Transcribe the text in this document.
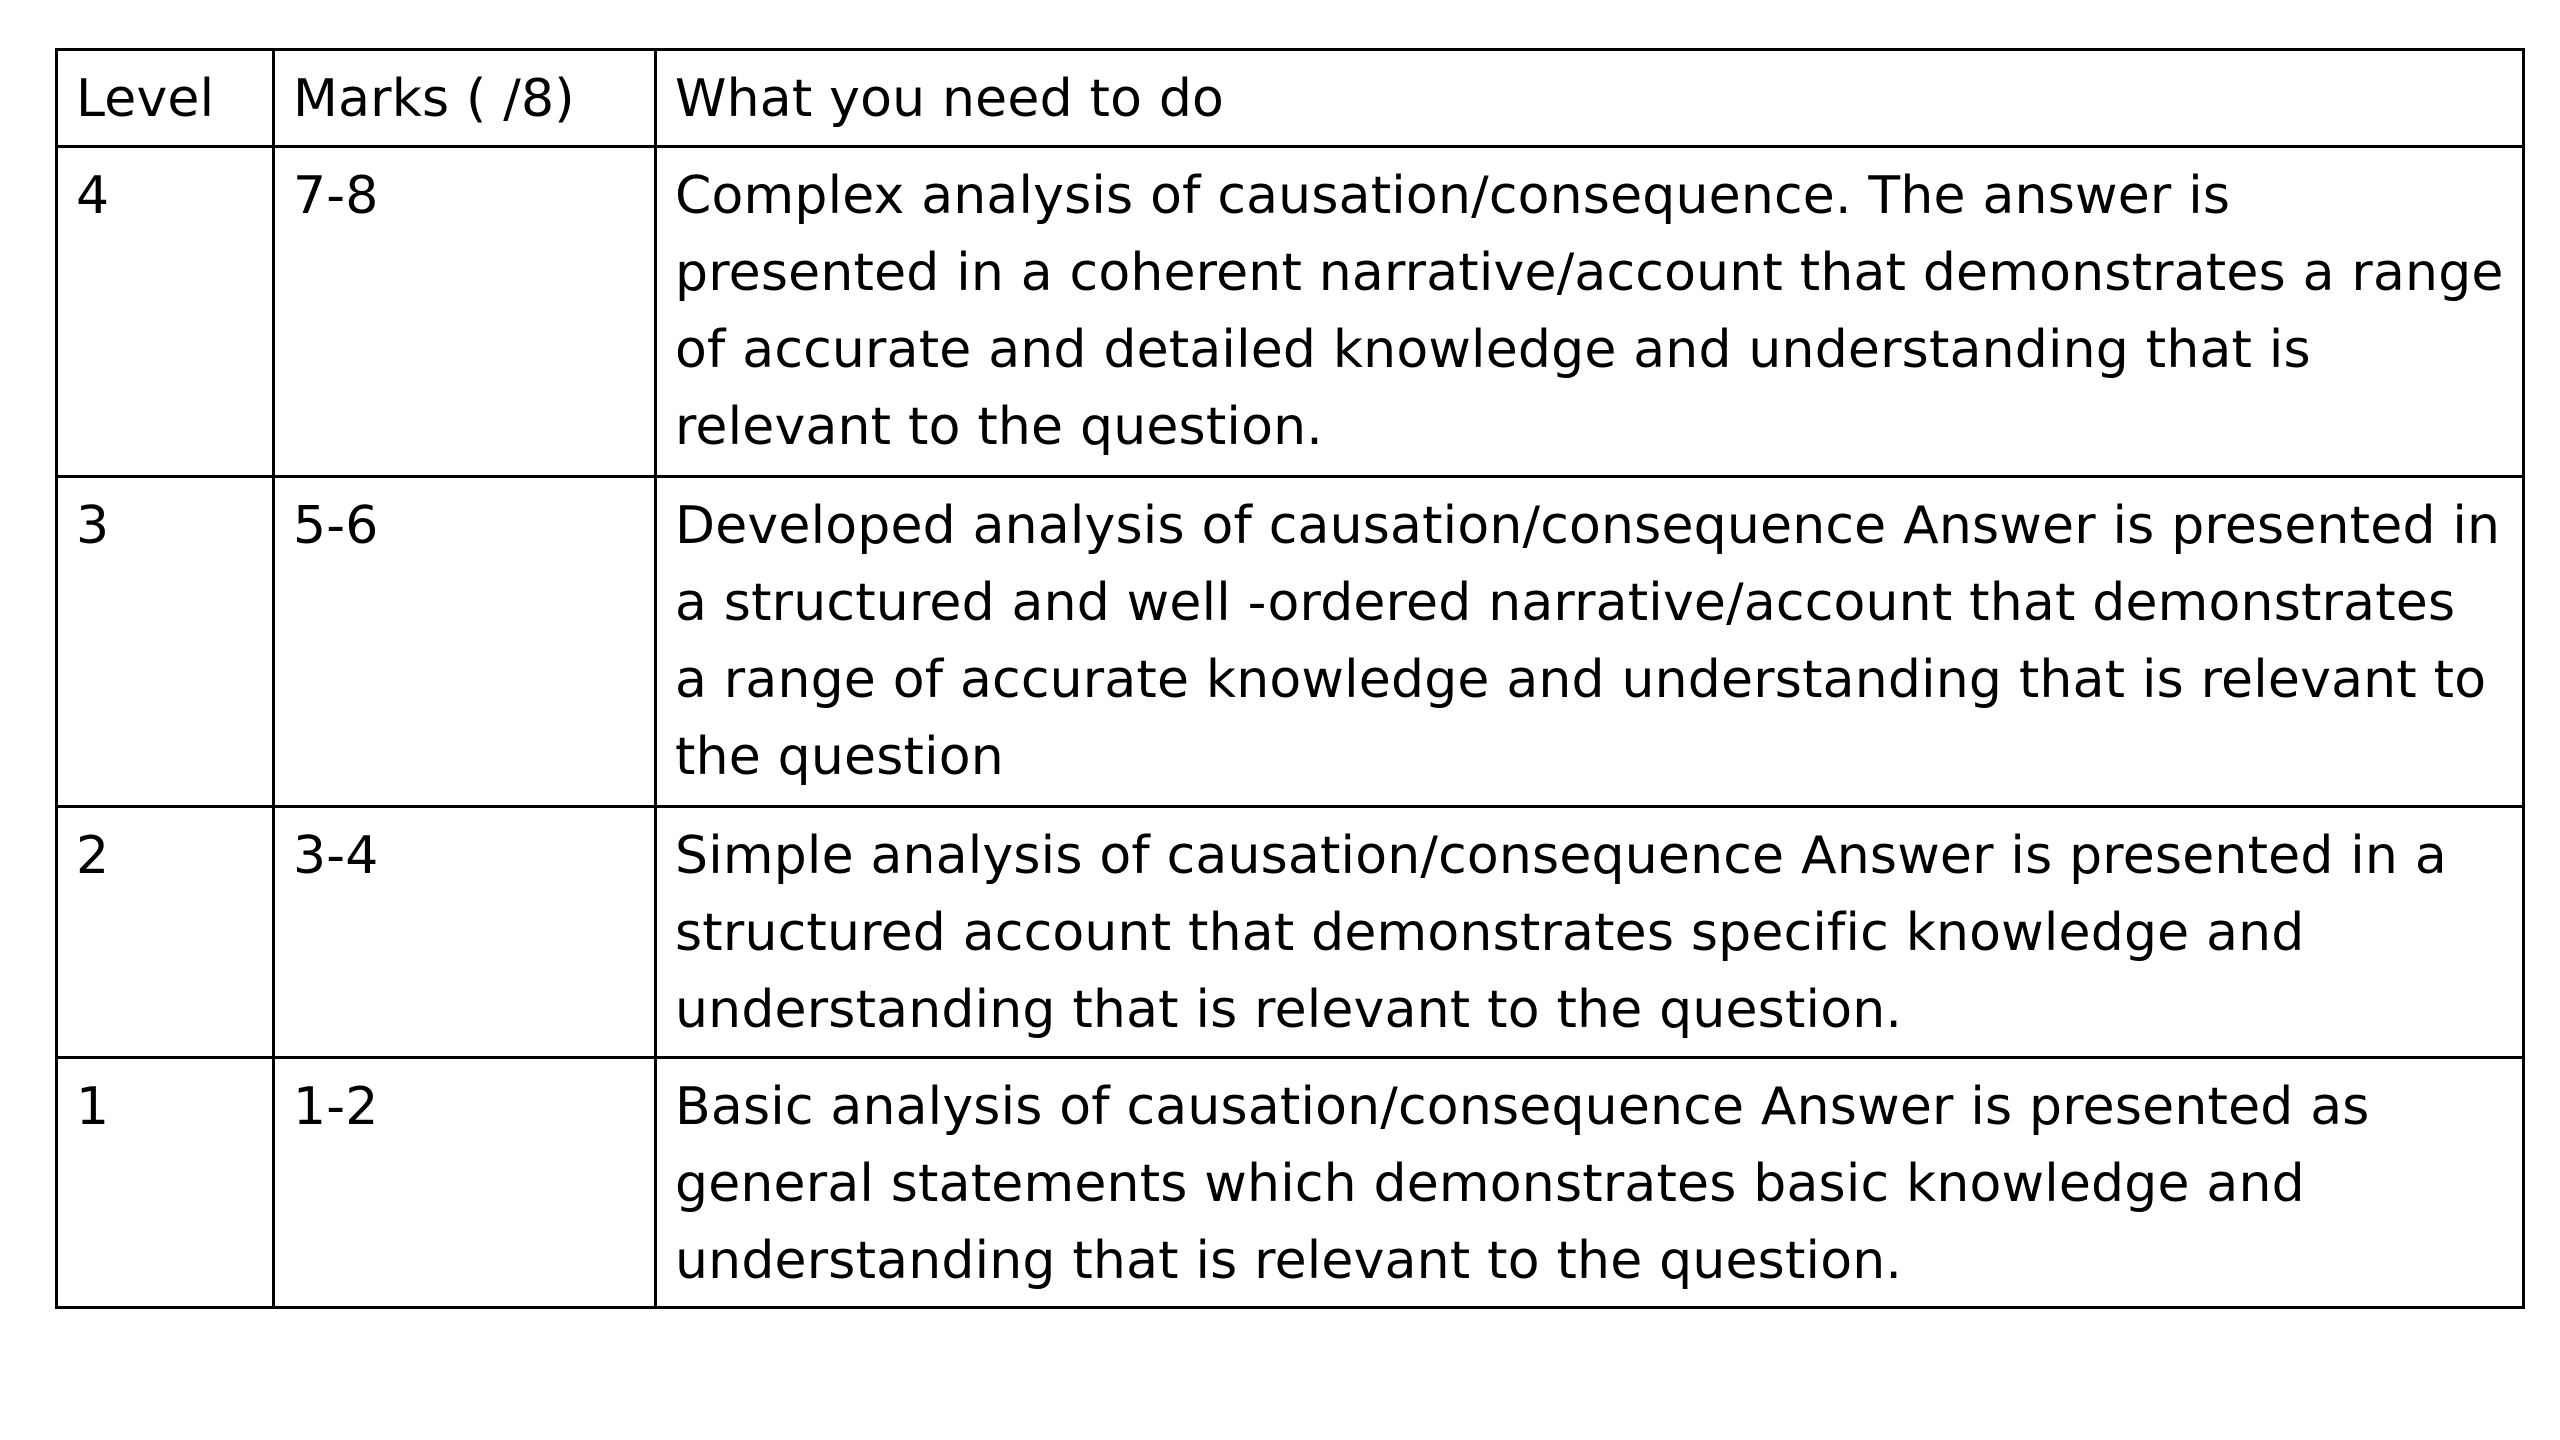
Level	Marks ( /8)	What you need to do
4	7-8	Complex analysis of causation/consequence. The answer is presented in a coherent narrative/account that demonstrates a range of accurate and detailed knowledge and understanding that is relevant to the question.
3	5-6	Developed analysis of causation/consequence Answer is presented in a structured and well -ordered narrative/account that demonstrates a range of accurate knowledge and understanding that is relevant to the question
2	3-4	Simple analysis of causation/consequence Answer is presented in a structured account that demonstrates specific knowledge and understanding that is relevant to the question.
1	1-2	Basic analysis of causation/consequence Answer is presented as general statements which demonstrates basic knowledge and understanding that is relevant to the question.
